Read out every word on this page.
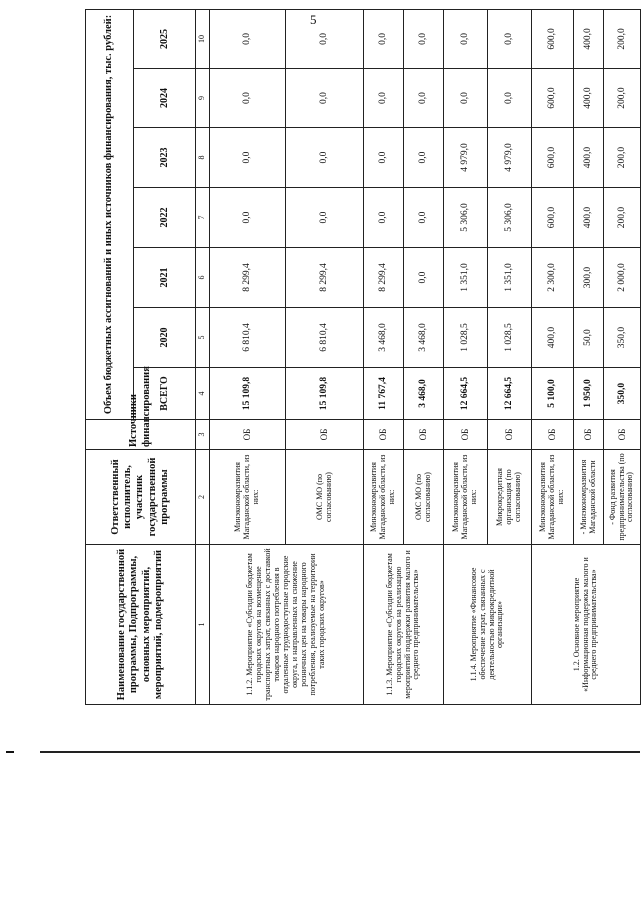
5
Наименование государственной программы, Подпрограммы, основных мероприятий, мероприятий, подмероприятий	Ответственный исполнитель, участник государственной программы	Источники финансирования	Объем бюджетных ассигнований и иных источников финансирования, тыс. рублей:						
			ВСЕГО	2020	2021	2022	2023	2024	2025
1	2	3	4	5	6	7	8	9	10
1.1.2. Мероприятие «Субсидии бюджетам городских округов на возмещение транспортных затрат, связанных с доставкой товаров народного потребления в отдаленные труднодоступные городские округа, и направленных на снижение розничных цен на товары народного потребления, реализуемые на территории таких городских округов»	Минэкономразвития Магаданской области, из них:	ОБ	15 109,8	6 810,4	8 299,4	0,0	0,0	0,0	0,0
	ОМС МО (по согласованию)	ОБ	15 109,8	6 810,4	8 299,4	0,0	0,0	0,0	0,0
1.1.3. Мероприятие «Субсидии бюджетам городских округов на реализацию мероприятий поддержки развития малого и среднего предпринимательства»	Минэкономразвития Магаданской области, из них:	ОБ	11 767,4	3 468,0	8 299,4	0,0	0,0	0,0	0,0
	ОМС МО (по согласованию)	ОБ	3 468,0	3 468,0	0,0	0,0	0,0	0,0	0,0
1.1.4. Мероприятие «Финансовое обеспечение затрат, связанных с деятельностью микрокредитной организации»	Минэкономразвития Магаданской области, из них:	ОБ	12 664,5	1 028,5	1 351,0	5 306,0	4 979,0	0,0	0,0
	Микрокредитная организация (по согласованию)	ОБ	12 664,5	1 028,5	1 351,0	5 306,0	4 979,0	0,0	0,0
1.2. Основное мероприятие «Информационная поддержка малого и среднего предпринимательства»	Минэкономразвития Магаданской области, из них:	ОБ	5 100,0	400,0	2 300,0	600,0	600,0	600,0	600,0
	- Минэкономразвития Магаданской области	ОБ	1 950,0	50,0	300,0	400,0	400,0	400,0	400,0
	- Фонд развития предпринимательства (по согласованию)	ОБ	350,0	350,0	2 000,0	200,0	200,0	200,0	200,0
